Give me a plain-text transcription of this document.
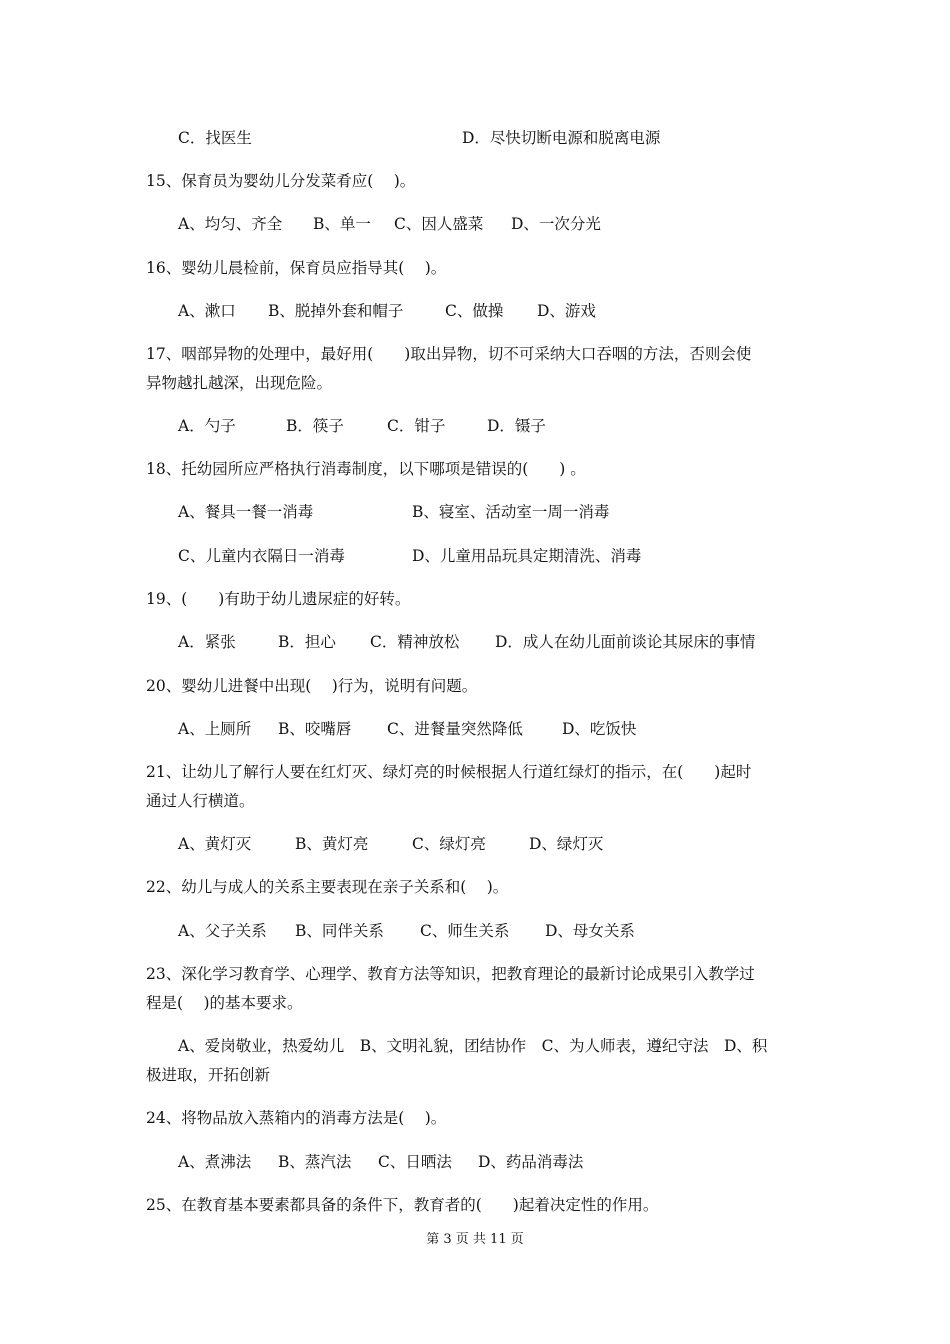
C．找医生	D．尽快切断电源和脱离电源
15、保育员为婴幼儿分发菜肴应(　 )。
A、均匀、齐全 B、单一 C、因人盛菜 D、一次分光
16、婴幼儿晨检前，保育员应指导其(　 )。
A、漱口 B、脱掉外套和帽子	C、做操 D、游戏
17、咽部异物的处理中，最好用(　　)取出异物，切不可采纳大口吞咽的方法，否则会使
异物越扎越深，出现危险。
A．勺子	B．筷子	C．钳子	D．镊子
18、托幼园所应严格执行消毒制度，以下哪项是错误的(　　) 。
A、餐具一餐一消毒	B、寝室、活动室一周一消毒
C、儿童内衣隔日一消毒	D、儿童用品玩具定期清洗、消毒
19、(　　)有助于幼儿遗尿症的好转。
A．紧张	B．担心 C．精神放松 D．成人在幼儿面前谈论其尿床的事情
20、婴幼儿进餐中出现(　 )行为，说明有问题。
A、上厕所 B、咬嘴唇 C、进餐量突然降低	D、吃饭快
21、让幼儿了解行人要在红灯灭、绿灯亮的时候根据人行道红绿灯的指示，在(　　)起时
通过人行横道。
A、黄灯灭	B、黄灯亮	C、绿灯亮	D、绿灯灭
22、幼儿与成人的关系主要表现在亲子关系和(　 )。
A、父子关系 B、同伴关系 C、师生关系 D、母女关系
23、深化学习教育学、心理学、教育方法等知识，把教育理论的最新讨论成果引入教学过
程是(　 )的基本要求。
A、爱岗敬业，热爱幼儿　B、文明礼貌，团结协作　C、为人师表，遵纪守法　D、积
极进取，开拓创新
24、将物品放入蒸箱内的消毒方法是(　 )。
A、煮沸法 B、蒸汽法 C、日晒法 D、药品消毒法
25、在教育基本要素都具备的条件下，教育者的(　　)起着决定性的作用。
第 3 页 共 11 页
